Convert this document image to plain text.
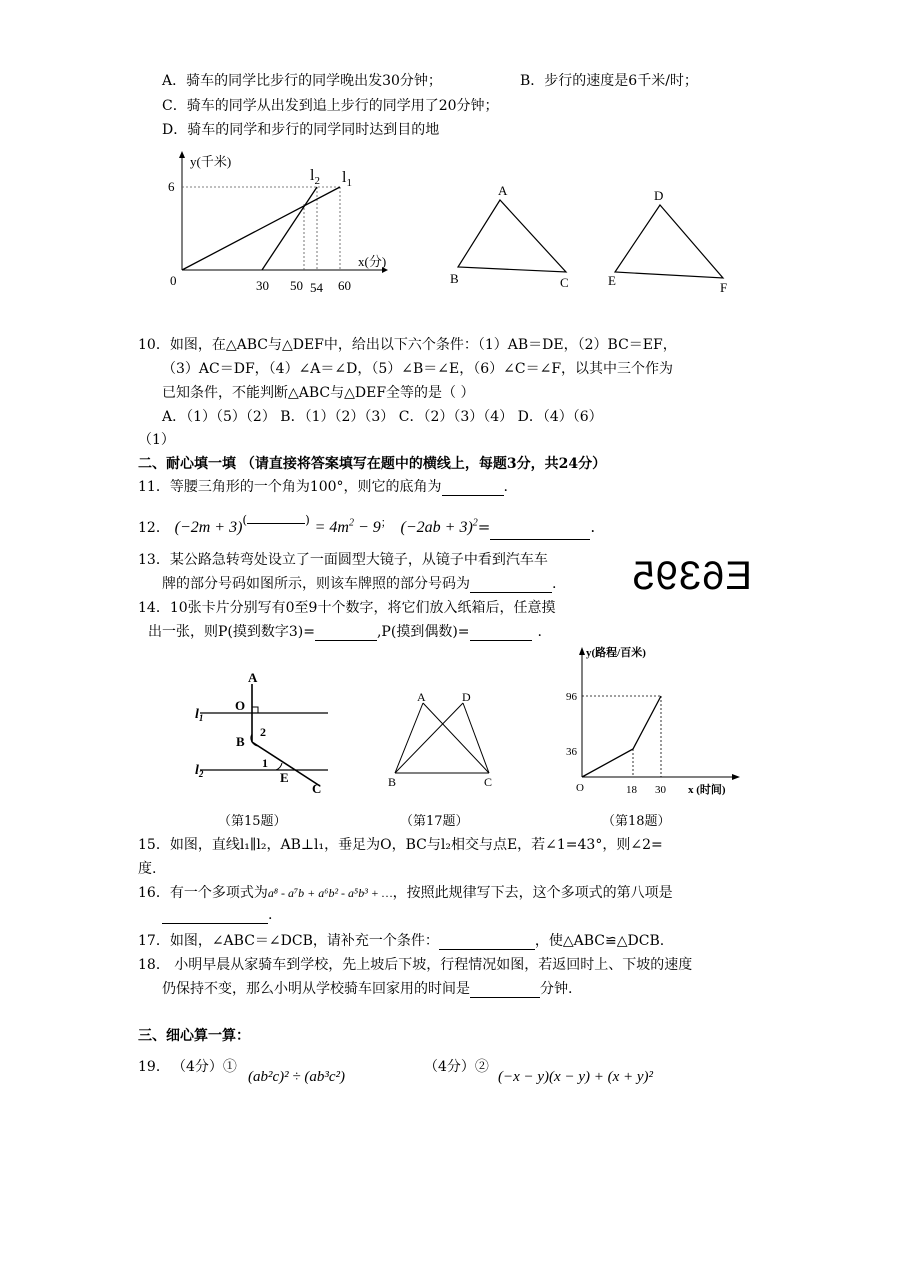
A．骑车的同学比步行的同学晚出发30分钟；	B．步行的速度是6千米/时；
C．骑车的同学从出发到追上步行的同学用了20分钟；
D．骑车的同学和步行的同学同时达到目的地
y(千米)
6
0	30 50 54 60
x(分)
$l_2$ $l_1$	A
B	C
D
E	F
10．如图，在△ABC与△DEF中，给出以下六个条件：（1）AB＝DE，（2）BC＝EF，
（3）AC＝DF，（4）∠A＝∠D，（5）∠B＝∠E，（6）∠C＝∠F，以其中三个作为
已知条件，不能判断△ABC与△DEF全等的是（ ）
A．（1）（5）（2） B．（1）（2）（3） C．（2）（3）（4） D．（4）（6）
（1）
二、耐心填一填 （请直接将答案填写在题中的横线上，每题3分，共24分）
11．等腰三角形的一个角为100°，则它的底角为	.
12． (−2m + 3)(	$^) = 4m^2 - 9^;$ $(-2ab + 3)^2=$	.
13．某公路急转弯处设立了一面圆型大镜子，从镜子中看到汽车车
牌的部分号码如图所示，则该车牌照的部分号码为	. E6395
14．10张卡片分别写有0至9十个数字，将它们放入纸箱后，任意摸
出一张，则P(摸到数字3)=	,P(摸到偶数)=	.
A
O
$l_1$
B
2
$l_2$
1
E
C
（第15题）
A	D
B	C
（第17题）
y(路程/百米)
96
36
O	18 30 x (时间)
（第18题）
15．如图，直线l₁∥l₂，AB⊥l₁，垂足为O，BC与l₂相交与点E，若∠1=43°，则∠2=
度.
16．有一个多项式为a⁸ - a⁷b + a⁶b² - a⁵b³ + …，按照此规律写下去，这个多项式的第八项是
.
17．如图，∠ABC＝∠DCB，请补充一个条件：	，使△ABC≌△DCB.
18． 小明早晨从家骑车到学校，先上坡后下坡，行程情况如图，若返回时上、下坡的速度
仍保持不变，那么小明从学校骑车回家用的时间是	分钟.
三、细心算一算：
19． （4分）①
(ab²c)² ÷ (ab³c²)
（4分）②
(−x − y)(x − y) + (x + y)²
